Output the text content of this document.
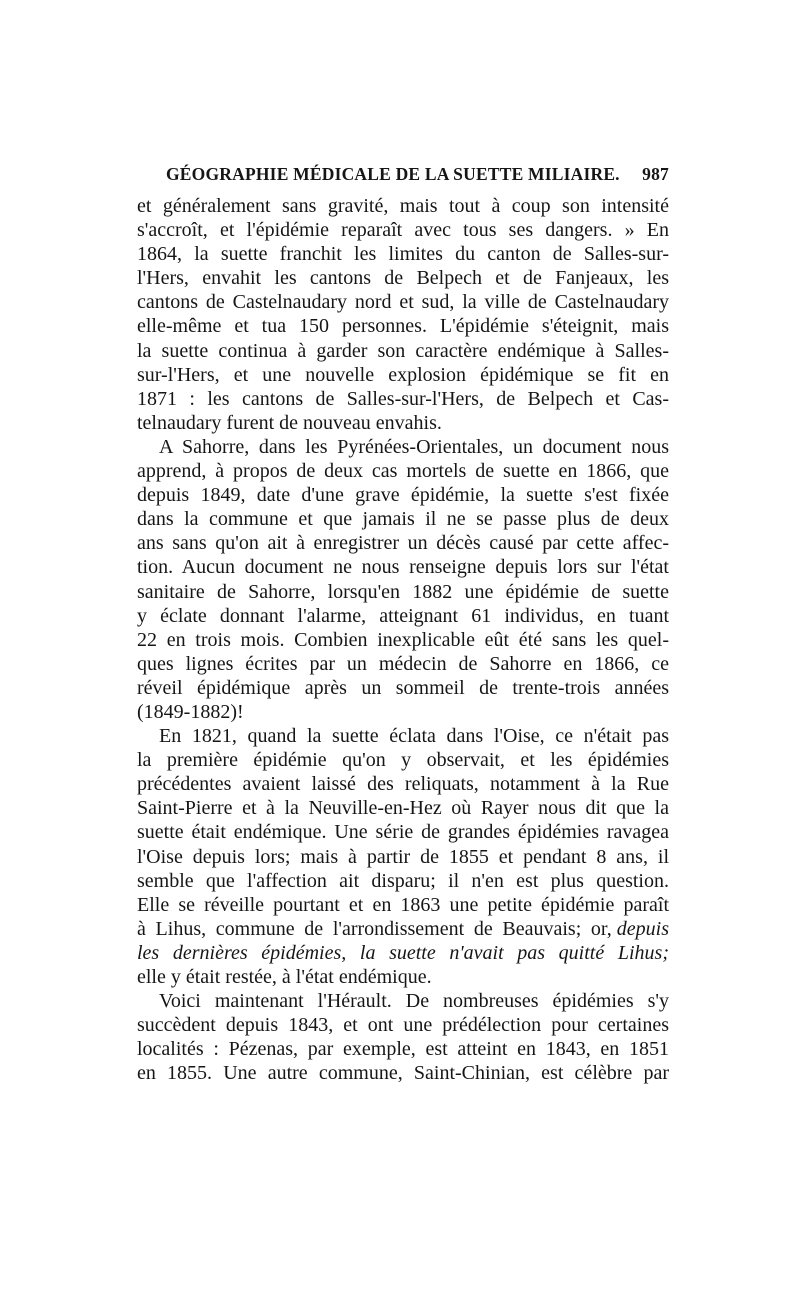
GÉOGRAPHIE MÉDICALE DE LA SUETTE MILIAIRE. 987
et généralement sans gravité, mais tout à coup son intensité
s'accroît, et l'épidémie reparaît avec tous ses dangers. » En
1864, la suette franchit les limites du canton de Salles-sur-
l'Hers, envahit les cantons de Belpech et de Fanjeaux, les
cantons de Castelnaudary nord et sud, la ville de Castelnaudary
elle-même et tua 150 personnes. L'épidémie s'éteignit, mais
la suette continua à garder son caractère endémique à Salles-
sur-l'Hers, et une nouvelle explosion épidémique se fit en
1871 : les cantons de Salles-sur-l'Hers, de Belpech et Cas-
telnaudary furent de nouveau envahis.
A Sahorre, dans les Pyrénées-Orientales, un document nous
apprend, à propos de deux cas mortels de suette en 1866, que
depuis 1849, date d'une grave épidémie, la suette s'est fixée
dans la commune et que jamais il ne se passe plus de deux
ans sans qu'on ait à enregistrer un décès causé par cette affec-
tion. Aucun document ne nous renseigne depuis lors sur l'état
sanitaire de Sahorre, lorsqu'en 1882 une épidémie de suette
y éclate donnant l'alarme, atteignant 61 individus, en tuant
22 en trois mois. Combien inexplicable eût été sans les quel-
ques lignes écrites par un médecin de Sahorre en 1866, ce
réveil épidémique après un sommeil de trente-trois années
(1849-1882)!
En 1821, quand la suette éclata dans l'Oise, ce n'était pas
la première épidémie qu'on y observait, et les épidémies
précédentes avaient laissé des reliquats, notamment à la Rue
Saint-Pierre et à la Neuville-en-Hez où Rayer nous dit que la
suette était endémique. Une série de grandes épidémies ravagea
l'Oise depuis lors; mais à partir de 1855 et pendant 8 ans, il
semble que l'affection ait disparu; il n'en est plus question.
Elle se réveille pourtant et en 1863 une petite épidémie paraît
à Lihus, commune de l'arrondissement de Beauvais; or, depuis
les dernières épidémies, la suette n'avait pas quitté Lihus;
elle y était restée, à l'état endémique.
Voici maintenant l'Hérault. De nombreuses épidémies s'y
succèdent depuis 1843, et ont une prédélection pour certaines
localités : Pézenas, par exemple, est atteint en 1843, en 1851
en 1855. Une autre commune, Saint-Chinian, est célèbre par
